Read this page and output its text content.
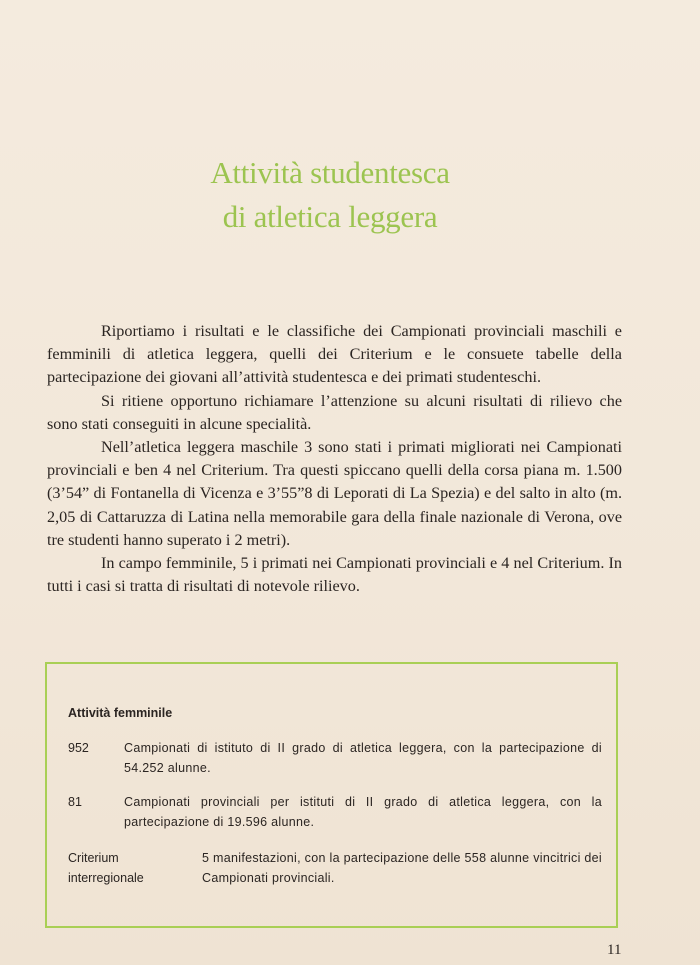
Attività studentesca
di atletica leggera

Riportiamo i risultati e le classifiche dei Campionati provinciali maschili e femminili di atletica leggera, quelli dei Criterium e le consuete tabelle della partecipazione dei giovani all’attività studentesca e dei primati studenteschi.

Si ritiene opportuno richiamare l’attenzione su alcuni risultati di rilievo che sono stati conseguiti in alcune specialità.

Nell’atletica leggera maschile 3 sono stati i primati migliorati nei Campionati provinciali e ben 4 nel Criterium. Tra questi spiccano quelli della corsa piana m. 1.500 (3’54” di Fontanella di Vicenza e 3’55”8 di Leporati di La Spezia) e del salto in alto (m. 2,05 di Cattaruzza di Latina nella memorabile gara della finale nazionale di Verona, ove tre studenti hanno superato i 2 metri).

In campo femminile, 5 i primati nei Campionati provinciali e 4 nel Criterium. In tutti i casi si tratta di risultati di notevole rilievo.

Attività femminile
952	Campionati di istituto di II grado di atletica leggera, con la partecipazione di 54.252 alunne.
81	Campionati provinciali per istituti di II grado di atletica leggera, con la partecipazione di 19.596 alunne.
Criterium interregionale
5 manifestazioni, con la partecipazione delle 558 alunne vincitrici dei Campionati provinciali.
11
